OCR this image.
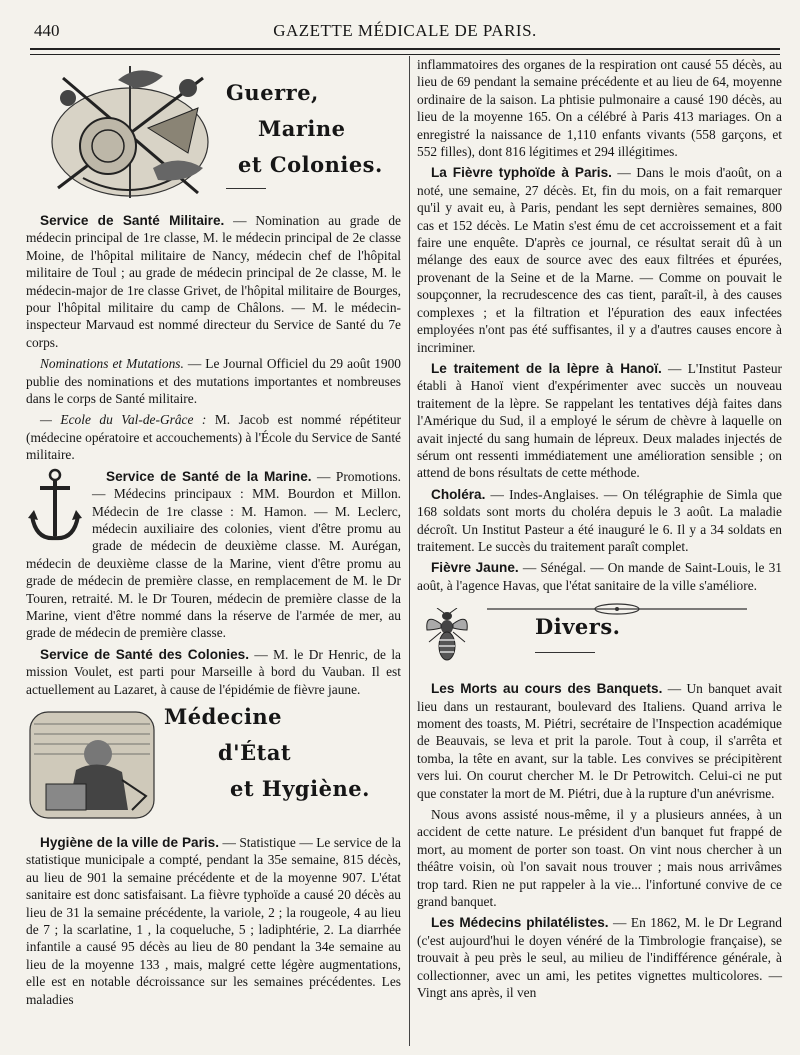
440	GAZETTE MÉDICALE DE PARIS.
Guerre,
Marine
et Colonies.

Service de Santé Militaire. — Nomination au grade de médecin principal de 1re classe, M. le médecin principal de 2e classe Moine, de l'hôpital militaire de Nancy, médecin chef de l'hôpital militaire de Toul ; au grade de médecin principal de 2e classe, M. le médecin-major de 1re classe Grivet, de l'hôpital militaire de Bourges, pour l'hôpital militaire du camp de Châlons. — M. le médecin-inspecteur Marvaud est nommé directeur du Service de Santé du 7e corps.

Nominations et Mutations. — Le Journal Officiel du 29 août 1900 publie des nominations et des mutations importantes et nombreuses dans le corps de Santé militaire.

— Ecole du Val-de-Grâce : M. Jacob est nommé répétiteur (médecine opératoire et accouchements) à l'École du Service de Santé militaire.

Service de Santé de la Marine. — Promotions. — Médecins principaux : MM. Bourdon et Millon. Médecin de 1re classe : M. Hamon. — M. Leclerc, médecin auxiliaire des colonies, vient d'être promu au grade de médecin de deuxième classe. M. Aurégan, médecin de deuxième classe de la Marine, vient d'être promu au grade de médecin de première classe, en remplacement de M. le Dr Touren, retraité. M. le Dr Touren, médecin de première classe de la Marine, vient d'être nommé dans la réserve de l'armée de mer, au grade de médecin de première classe.

Service de Santé des Colonies. — M. le Dr Henric, de la mission Voulet, est parti pour Marseille à bord du Vauban. Il est actuellement au Lazaret, à cause de l'épidémie de fièvre jaune.

Médecine
d'État
et Hygiène.

Hygiène de la ville de Paris. — Statistique — Le service de la statistique municipale a compté, pendant la 35e semaine, 815 décès, au lieu de 901 la semaine précédente et de la moyenne 907. L'état sanitaire est donc satisfaisant. La fièvre typhoïde a causé 20 décès au lieu de 31 la semaine précédente, la variole, 2 ; la rougeole, 4 au lieu de 7 ; la scarlatine, 1 , la coqueluche, 5 ; ladiphtérie, 2. La diarrhée infantile a causé 95 décès au lieu de 80 pendant la 34e semaine au lieu de la moyenne 133 , mais, malgré cette légère augmentations, elle est en notable décroissance sur les semaines précédentes. Les maladies

inflammatoires des organes de la respiration ont causé 55 décès, au lieu de 69 pendant la semaine précédente et au lieu de 64, moyenne ordinaire de la saison. La phtisie pulmonaire a causé 190 décès, au lieu de la moyenne 165. On a célébré à Paris 413 mariages. On a enregistré la naissance de 1,110 enfants vivants (558 garçons, et 552 filles), dont 816 légitimes et 294 illégitimes.

La Fièvre typhoïde à Paris. — Dans le mois d'août, on a noté, une semaine, 27 décès. Et, fin du mois, on a fait remarquer qu'il y avait eu, à Paris, pendant les sept dernières semaines, 800 cas et 152 décès. Le Matin s'est ému de cet accroissement et a fait faire une enquête. D'après ce journal, ce résultat serait dû à un mélange des eaux de source avec des eaux filtrées et épurées, provenant de la Seine et de la Marne. — Comme on pouvait le soupçonner, la recrudescence des cas tient, paraît-il, à des causes complexes ; et la filtration et l'épuration des eaux infectées employées n'ont pas été suffisantes, il y a d'autres causes encore à incriminer.

Le traitement de la lèpre à Hanoï. — L'Institut Pasteur établi à Hanoï vient d'expérimenter avec succès un nouveau traitement de la lèpre. Se rappelant les tentatives déjà faites dans l'Amérique du Sud, il a employé le sérum de chèvre à laquelle on avait injecté du sang humain de lépreux. Deux malades injectés de sérum ont ressenti immédiatement une amélioration sensible ; on attend de bons résultats de cette méthode.

Choléra. — Indes-Anglaises. — On télégraphie de Simla que 168 soldats sont morts du choléra depuis le 3 août. La maladie décroît. Un Institut Pasteur a été inauguré le 6. Il y a 34 soldats en traitement. Le succès du traitement paraît complet.

Fièvre Jaune. — Sénégal. — On mande de Saint-Louis, le 31 août, à l'agence Havas, que l'état sanitaire de la ville s'améliore.

Divers.

Les Morts au cours des Banquets. — Un banquet avait lieu dans un restaurant, boulevard des Italiens. Quand arriva le moment des toasts, M. Piétri, secrétaire de l'Inspection académique de Beauvais, se leva et prit la parole. Tout à coup, il s'arrêta et tomba, la tête en avant, sur la table. Les convives se précipitèrent vers lui. On courut chercher M. le Dr Petrowitch. Celui-ci ne put que constater la mort de M. Piétri, due à la rupture d'un anévrisme.

Nous avons assisté nous-même, il y a plusieurs années, à un accident de cette nature. Le président d'un banquet fut frappé de mort, au moment de porter son toast. On vint nous chercher à un théâtre voisin, où l'on savait nous trouver ; mais nous arrivâmes trop tard. Rien ne put rappeler à la vie... l'infortuné convive de ce grand banquet.

Les Médecins philatélistes. — En 1862, M. le Dr Legrand (c'est aujourd'hui le doyen vénéré de la Timbrologie française), se trouvait à peu près le seul, au milieu de l'indifférence générale, à collectionner, avec un ami, les petites vignettes multicolores. — Vingt ans après, il ven
